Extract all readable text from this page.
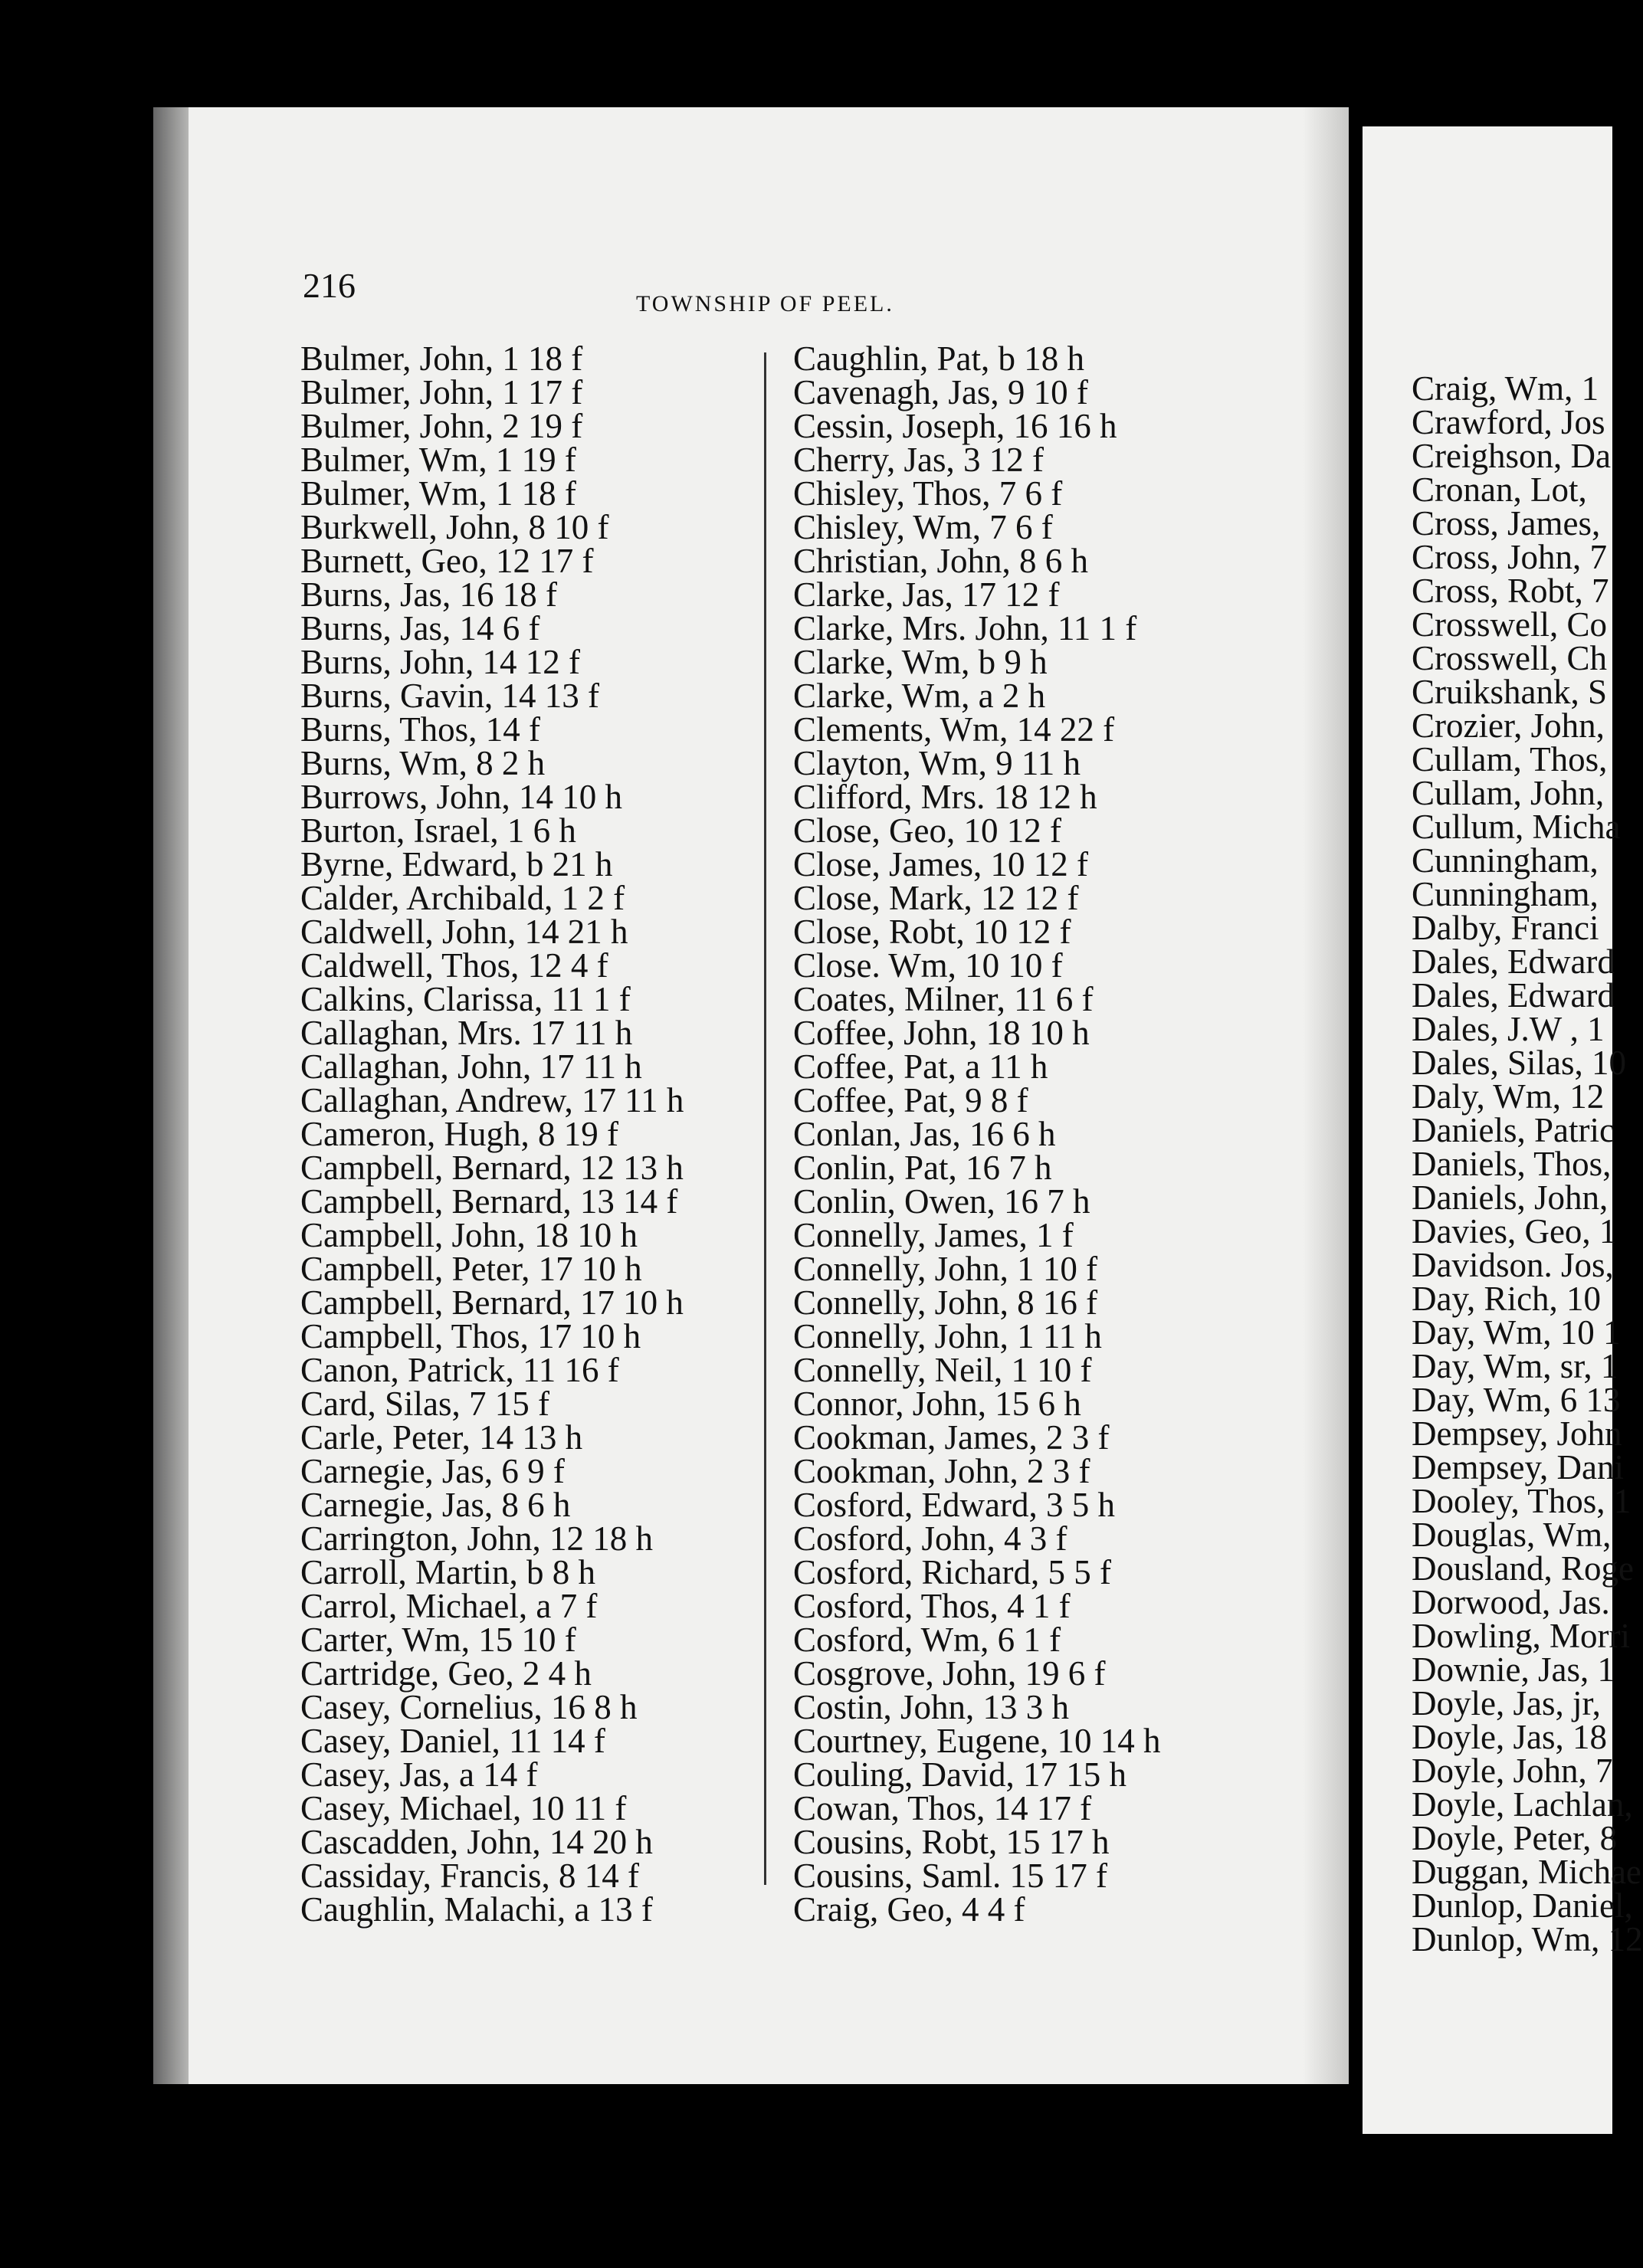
216	TOWNSHIP OF PEEL.
Bulmer, John, 1 18 f
Bulmer, John, 1 17 f
Bulmer, John, 2 19 f
Bulmer, Wm, 1 19 f
Bulmer, Wm, 1 18 f
Burkwell, John, 8 10 f
Burnett, Geo, 12 17 f
Burns, Jas, 16 18 f
Burns, Jas, 14 6 f
Burns, John, 14 12 f
Burns, Gavin, 14 13 f
Burns, Thos, 14 f
Burns, Wm, 8 2 h
Burrows, John, 14 10 h
Burton, Israel, 1 6 h
Byrne, Edward, b 21 h
Calder, Archibald, 1 2 f
Caldwell, John, 14 21 h
Caldwell, Thos, 12 4 f
Calkins, Clarissa, 11 1 f
Callaghan, Mrs. 17 11 h
Callaghan, John, 17 11 h
Callaghan, Andrew, 17 11 h
Cameron, Hugh, 8 19 f
Campbell, Bernard, 12 13 h
Campbell, Bernard, 13 14 f
Campbell, John, 18 10 h
Campbell, Peter, 17 10 h
Campbell, Bernard, 17 10 h
Campbell, Thos, 17 10 h
Canon, Patrick, 11 16 f
Card, Silas, 7 15 f
Carle, Peter, 14 13 h
Carnegie, Jas, 6 9 f
Carnegie, Jas, 8 6 h
Carrington, John, 12 18 h
Carroll, Martin, b 8 h
Carrol, Michael, a 7 f
Carter, Wm, 15 10 f
Cartridge, Geo, 2 4 h
Casey, Cornelius, 16 8 h
Casey, Daniel, 11 14 f
Casey, Jas, a 14 f
Casey, Michael, 10 11 f
Cascadden, John, 14 20 h
Cassiday, Francis, 8 14 f
Caughlin, Malachi, a 13 f
Caughlin, Pat, b 18 h
Cavenagh, Jas, 9 10 f
Cessin, Joseph, 16 16 h
Cherry, Jas, 3 12 f
Chisley, Thos, 7 6 f
Chisley, Wm, 7 6 f
Christian, John, 8 6 h
Clarke, Jas, 17 12 f
Clarke, Mrs. John, 11 1 f
Clarke, Wm, b 9 h
Clarke, Wm, a 2 h
Clements, Wm, 14 22 f
Clayton, Wm, 9 11 h
Clifford, Mrs. 18 12 h
Close, Geo, 10 12 f
Close, James, 10 12 f
Close, Mark, 12 12 f
Close, Robt, 10 12 f
Close. Wm, 10 10 f
Coates, Milner, 11 6 f
Coffee, John, 18 10 h
Coffee, Pat, a 11 h
Coffee, Pat, 9 8 f
Conlan, Jas, 16 6 h
Conlin, Pat, 16 7 h
Conlin, Owen, 16 7 h
Connelly, James, 1 f
Connelly, John, 1 10 f
Connelly, John, 8 16 f
Connelly, John, 1 11 h
Connelly, Neil, 1 10 f
Connor, John, 15 6 h
Cookman, James, 2 3 f
Cookman, John, 2 3 f
Cosford, Edward, 3 5 h
Cosford, John, 4 3 f
Cosford, Richard, 5 5 f
Cosford, Thos, 4 1 f
Cosford, Wm, 6 1 f
Cosgrove, John, 19 6 f
Costin, John, 13 3 h
Courtney, Eugene, 10 14 h
Couling, David, 17 15 h
Cowan, Thos, 14 17 f
Cousins, Robt, 15 17 h
Cousins, Saml. 15 17 f
Craig, Geo, 4 4 f
Craig, Wm, 1
Crawford, Jos
Creighson, Da
Cronan, Lot,
Cross, James,
Cross, John, 7
Cross, Robt, 7
Crosswell, Co
Crosswell, Ch
Cruikshank, S
Crozier, John,
Cullam, Thos,
Cullam, John,
Cullum, Micha
Cunningham,
Cunningham,
Dalby, Franci
Dales, Edward
Dales, Edward
Dales, J.W , 1
Dales, Silas, 10
Daly, Wm, 12
Daniels, Patric
Daniels, Thos,
Daniels, John,
Davies, Geo, 1
Davidson. Jos,
Day, Rich, 10
Day, Wm, 10 1
Day, Wm, sr, 1
Day, Wm, 6 13
Dempsey, John
Dempsey, Dani
Dooley, Thos, 1
Douglas, Wm,
Dousland, Roge
Dorwood, Jas.
Dowling, Morri
Downie, Jas, 1
Doyle, Jas, jr,
Doyle, Jas, 18
Doyle, John, 7
Doyle, Lachlan,
Doyle, Peter, 8
Duggan, Michae
Dunlop, Daniel,
Dunlop, Wm, 12
